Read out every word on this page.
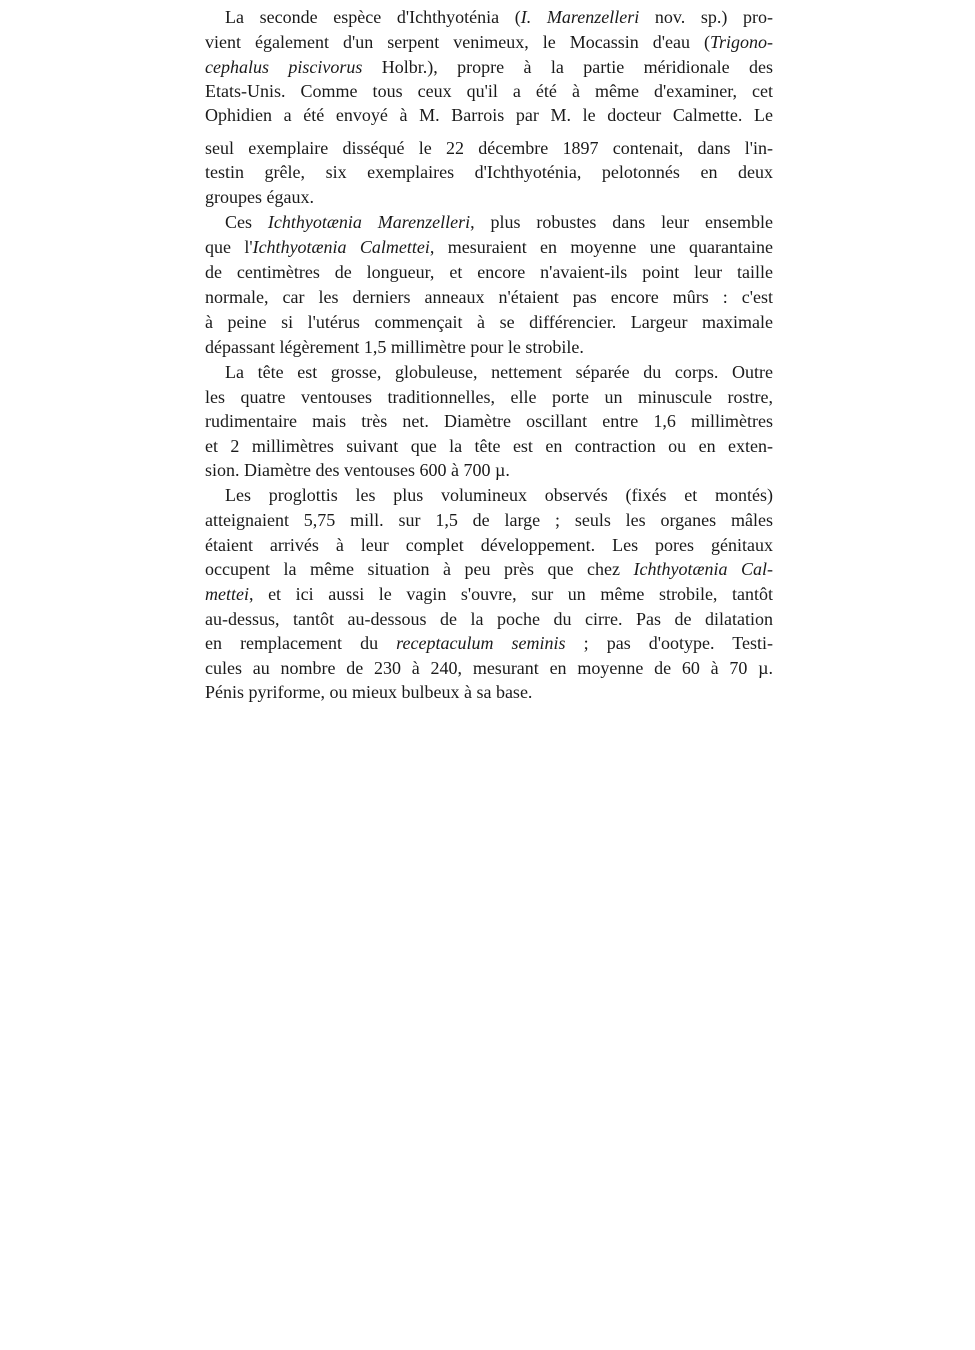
La seconde espèce d'Ichthyoténia (I. Marenzelleri nov. sp.) pro-
vient également d'un serpent venimeux, le Mocassin d'eau (Trigono-
cephalus piscivorus Holbr.), propre à la partie méridionale des
Etats-Unis. Comme tous ceux qu'il a été à même d'examiner, cet
Ophidien a été envoyé à M. Barrois par M. le docteur Calmette. Le
seul exemplaire disséqué le 22 décembre 1897 contenait, dans l'in-
testin grêle, six exemplaires d'Ichthyoténia, pelotonnés en deux
groupes égaux.
Ces Ichthyotænia Marenzelleri, plus robustes dans leur ensemble
que l'Ichthyotænia Calmettei, mesuraient en moyenne une quarantaine
de centimètres de longueur, et encore n'avaient-ils point leur taille
normale, car les derniers anneaux n'étaient pas encore mûrs : c'est
à peine si l'utérus commençait à se différencier. Largeur maximale
dépassant légèrement 1,5 millimètre pour le strobile.
La tête est grosse, globuleuse, nettement séparée du corps. Outre
les quatre ventouses traditionnelles, elle porte un minuscule rostre,
rudimentaire mais très net. Diamètre oscillant entre 1,6 millimètres
et 2 millimètres suivant que la tête est en contraction ou en exten-
sion. Diamètre des ventouses 600 à 700 µ.
Les proglottis les plus volumineux observés (fixés et montés)
atteignaient 5,75 mill. sur 1,5 de large ; seuls les organes mâles
étaient arrivés à leur complet développement. Les pores génitaux
occupent la même situation à peu près que chez Ichthyotænia Cal-
mettei, et ici aussi le vagin s'ouvre, sur un même strobile, tantôt
au-dessus, tantôt au-dessous de la poche du cirre. Pas de dilatation
en remplacement du receptaculum seminis ; pas d'ootype. Testi-
cules au nombre de 230 à 240, mesurant en moyenne de 60 à 70 µ.
Pénis pyriforme, ou mieux bulbeux à sa base.
